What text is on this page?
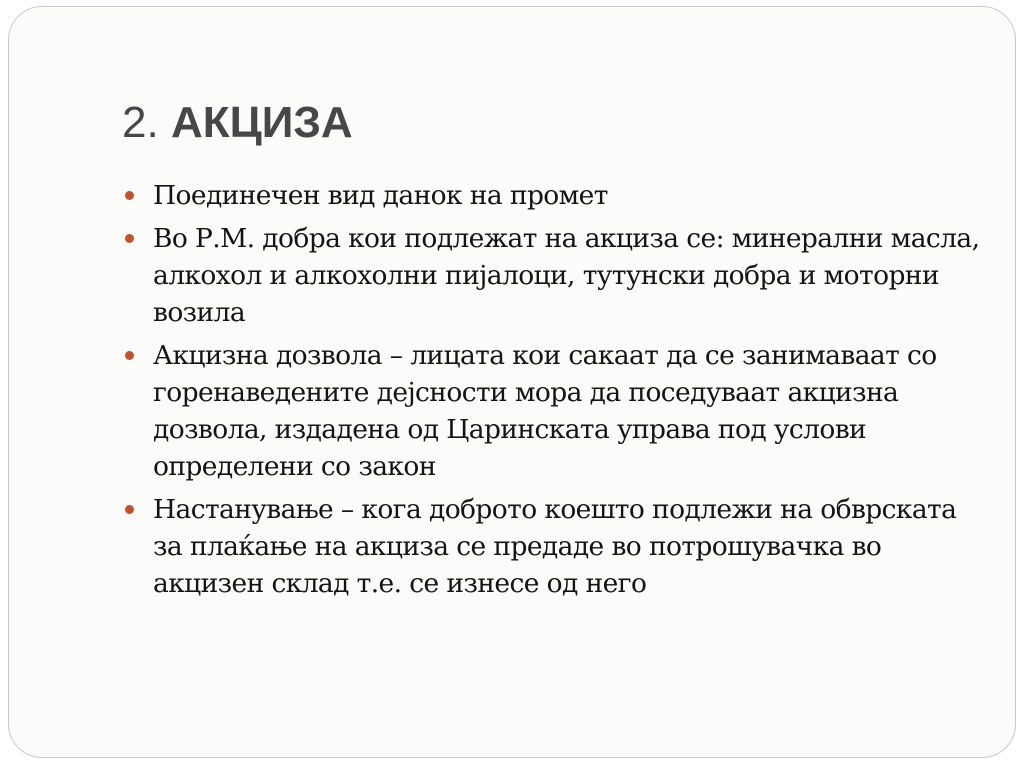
2. АКЦИЗА
Поединечен вид данок на промет
Во Р.М. добра кои подлежат на акциза се: минерални масла, алкохол и алкохолни пијалоци, тутунски добра и моторни возила
Акцизна дозвола – лицата кои сакаат да се занимаваат со горенаведените дејсности мора да поседуваат акцизна дозвола, издадена од Царинската управа под услови определени со закон
Настанување – кога доброто коешто подлежи на обврската за плаќање на акциза се предаде во потрошувачка во акцизен склад т.е. се изнесе од него
